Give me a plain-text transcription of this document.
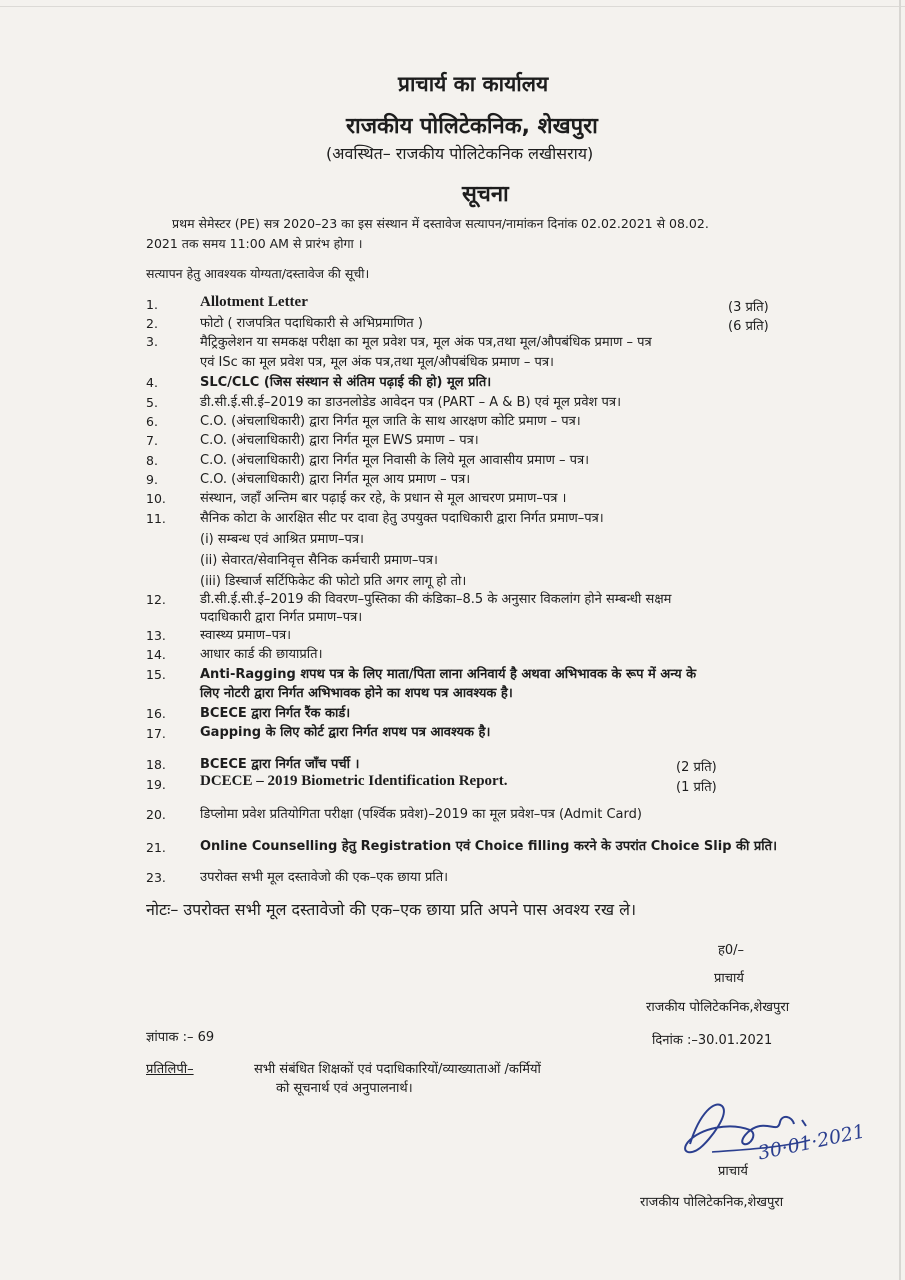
प्राचार्य का कार्यालय
राजकीय पोलिटेकनिक, शेखपुरा
(अवस्थित– राजकीय पोलिटेकनिक लखीसराय)
सूचना
प्रथम सेमेस्टर (PE) सत्र 2020–23 का इस संस्थान में दस्तावेज सत्यापन/नामांकन दिनांक 02.02.2021 से 08.02.
2021 तक समय 11:00 AM से प्रारंभ होगा ।
सत्यापन हेतु आवश्यक योग्यता/दस्तावेज की सूची।
1.	Allotment Letter	(3 प्रति)
2.	फोटो ( राजपत्रित पदाधिकारी से अभिप्रमाणित )	(6 प्रति)
3.	मैट्रिकुलेशन या समकक्ष परीक्षा का मूल प्रवेश पत्र, मूल अंक पत्र,तथा मूल/औपबंधिक प्रमाण – पत्र
एवं ISc का मूल प्रवेश पत्र, मूल अंक पत्र,तथा मूल/औपबंधिक प्रमाण – पत्र।
4.	SLC/CLC (जिस संस्थान से अंतिम पढ़ाई की हो) मूल प्रति।
5.	डी.सी.ई.सी.ई–2019 का डाउनलोडेड आवेदन पत्र (PART – A & B) एवं मूल प्रवेश पत्र।
6.	C.O. (अंचलाधिकारी) द्वारा निर्गत मूल जाति के साथ आरक्षण कोटि प्रमाण – पत्र।
7.	C.O. (अंचलाधिकारी) द्वारा निर्गत मूल EWS प्रमाण – पत्र।
8.	C.O. (अंचलाधिकारी) द्वारा निर्गत मूल निवासी के लिये मूल आवासीय प्रमाण – पत्र।
9.	C.O. (अंचलाधिकारी) द्वारा निर्गत मूल आय प्रमाण – पत्र।
10.	संस्थान, जहाँ अन्तिम बार पढ़ाई कर रहे, के प्रधान से मूल आचरण प्रमाण–पत्र ।
11.	सैनिक कोटा के आरक्षित सीट पर दावा हेतु उपयुक्त पदाधिकारी द्वारा निर्गत प्रमाण–पत्र।
(i) सम्बन्ध एवं आश्रित प्रमाण–पत्र।
(ii) सेवारत/सेवानिवृत्त सैनिक कर्मचारी प्रमाण–पत्र।
(iii) डिस्चार्ज सर्टिफिकेट की फोटो प्रति अगर लागू हो तो।
12.	डी.सी.ई.सी.ई–2019 की विवरण–पुस्तिका की कंडिका–8.5 के अनुसार विकलांग होने सम्बन्धी सक्षम
पदाधिकारी द्वारा निर्गत प्रमाण–पत्र।
13.	स्वास्थ्य प्रमाण–पत्र।
14.	आधार कार्ड की छायाप्रति।
15.	Anti-Ragging शपथ पत्र के लिए माता/पिता लाना अनिवार्य है अथवा अभिभावक के रूप में अन्य के
लिए नोटरी द्वारा निर्गत अभिभावक होने का शपथ पत्र आवश्यक है।
16.	BCECE द्वारा निर्गत रैंक कार्ड।
17.	Gapping के लिए कोर्ट द्वारा निर्गत शपथ पत्र आवश्यक है।
18.	BCECE द्वारा निर्गत जाँच पर्ची ।	(2 प्रति)
19. DCECE – 2019 Biometric Identification Report.	(1 प्रति)
20.	डिप्लोमा प्रवेश प्रतियोगिता परीक्षा (पर्श्विक प्रवेश)–2019 का मूल प्रवेश–पत्र (Admit Card)
21.	Online Counselling हेतु Registration एवं Choice filling करने के उपरांत Choice Slip की प्रति।
23.	उपरोक्त सभी मूल दस्तावेजो की एक–एक छाया प्रति।
नोटः– उपरोक्त सभी मूल दस्तावेजो की एक–एक छाया प्रति अपने पास अवश्य रख ले।
ह0/–
प्राचार्य
राजकीय पोलिटेकनिक,शेखपुरा
ज्ञांपाक :– 69	दिनांक :–30.01.2021
प्रतिलिपी–	सभी संबंधित शिक्षकों एवं पदाधिकारियों/व्याख्याताओं /कर्मियों
को सूचनार्थ एवं अनुपालनार्थ।
प्राचार्य
30·01·2021
राजकीय पोलिटेकनिक,शेखपुरा
